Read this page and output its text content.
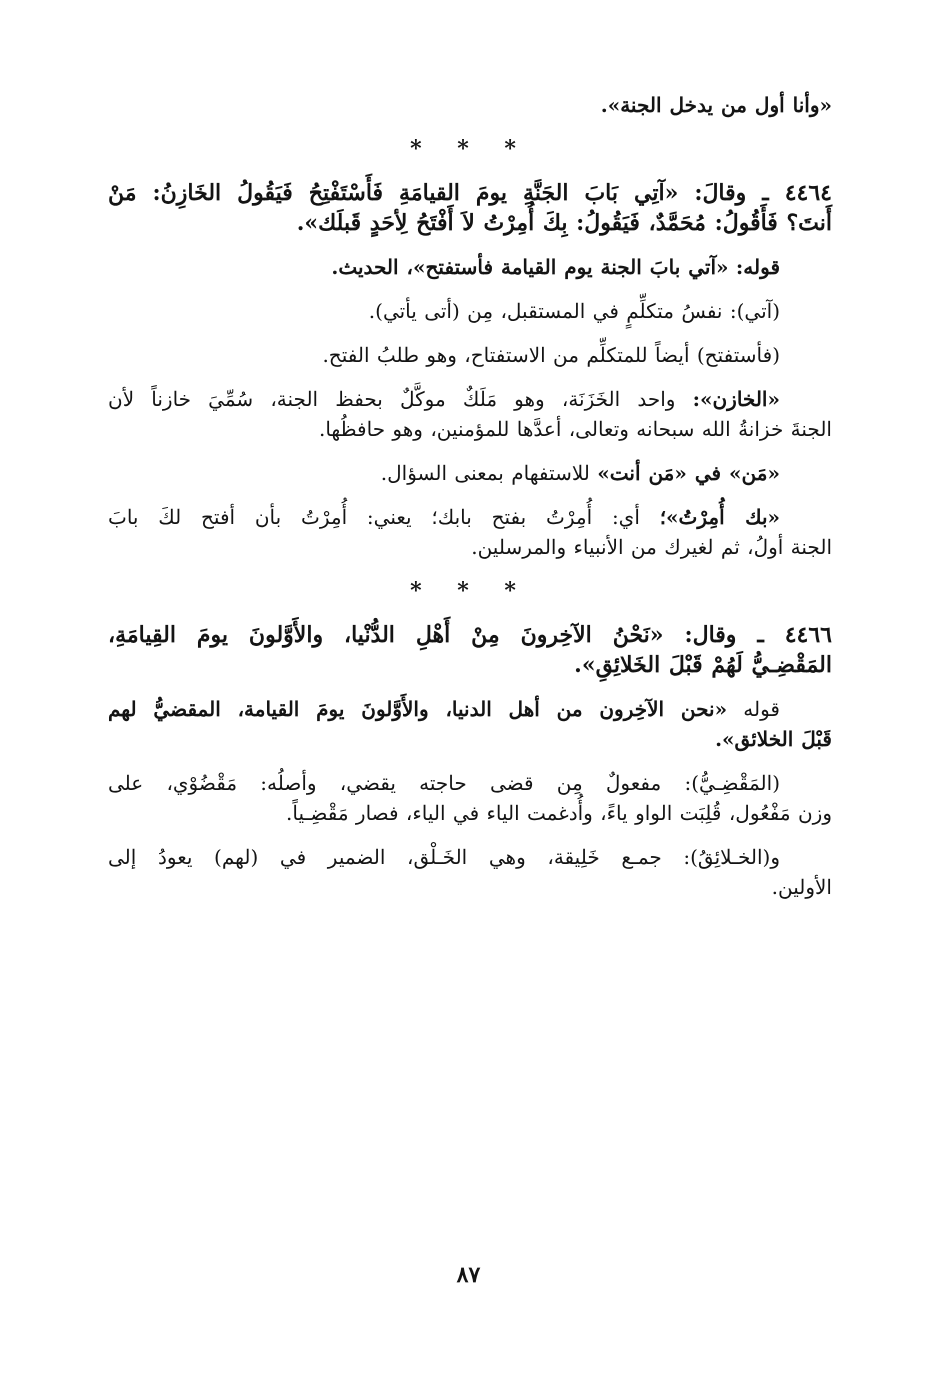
«وأنا أول من يدخل الجنة».
* * *
٤٤٦٤ ـ وقالَ: «آتِي بَابَ الجَنَّةِ يومَ القيامَةِ فَأَسْتَفْتِحُ فَيَقُولُ الخَازِنُ: مَنْ
أَنتَ؟ فَأَقُولُ: مُحَمَّدٌ، فَيَقُولُ: بِكَ أُمِرْتُ لاَ أَفْتَحُ لِأحَدٍ قَبلَك».
قوله: «آتي بابَ الجنة يوم القيامة فأستفتح»، الحديث.
(آتي): نفسُ متكلِّمٍ في المستقبل، مِن (أتى يأتي).
(فأستفتح) أيضاً للمتكلِّم من الاستفتاح، وهو طلبُ الفتح.
«الخازن»: واحد الخَزَنَة، وهو مَلَكٌ موكَّلٌ بحفظ الجنة، سُمِّيَ خازناً لأن
الجنةَ خزانةُ الله سبحانه وتعالى، أعدَّها للمؤمنين، وهو حافظُها.
«مَن» في «مَن أنت» للاستفهام بمعنى السؤال.
«بك أُمِرْتُ»؛ أي: أُمِرْتُ بفتح بابك؛ يعني: أُمِرْتُ بأن أفتح لكَ بابَ
الجنة أولُ، ثم لغيرك من الأنبياء والمرسلين.
* * *
٤٤٦٦ ـ وقال: «نَحْنُ الآخِرونَ مِنْ أَهْلِ الدُّنْيا، والأَوَّلونَ يومَ القِيامَةِ،
المَقْضِـيُّ لَهُمْ قَبْلَ الخَلائِقِ».
قوله «نحن الآخِرون من أهل الدنيا، والأَوَّلونَ يومَ القيامة، المقضيُّ لهم
قَبْلَ الخلائق».
(المَقْضِـيُّ): مفعولٌ مِن قضى حاجته يقضي، وأصلُه: مَقْضُوْي، على
وزن مَفْعُول، قُلِبَت الواو ياءً، وأُدغمت الياء في الياء، فصار مَقْضِـياً.
و(الخـلائِقُ): جمـع خَلِيقة، وهي الخَـلْق، الضمير في (لهم) يعودُ إلى
الأولين.
٨٧
